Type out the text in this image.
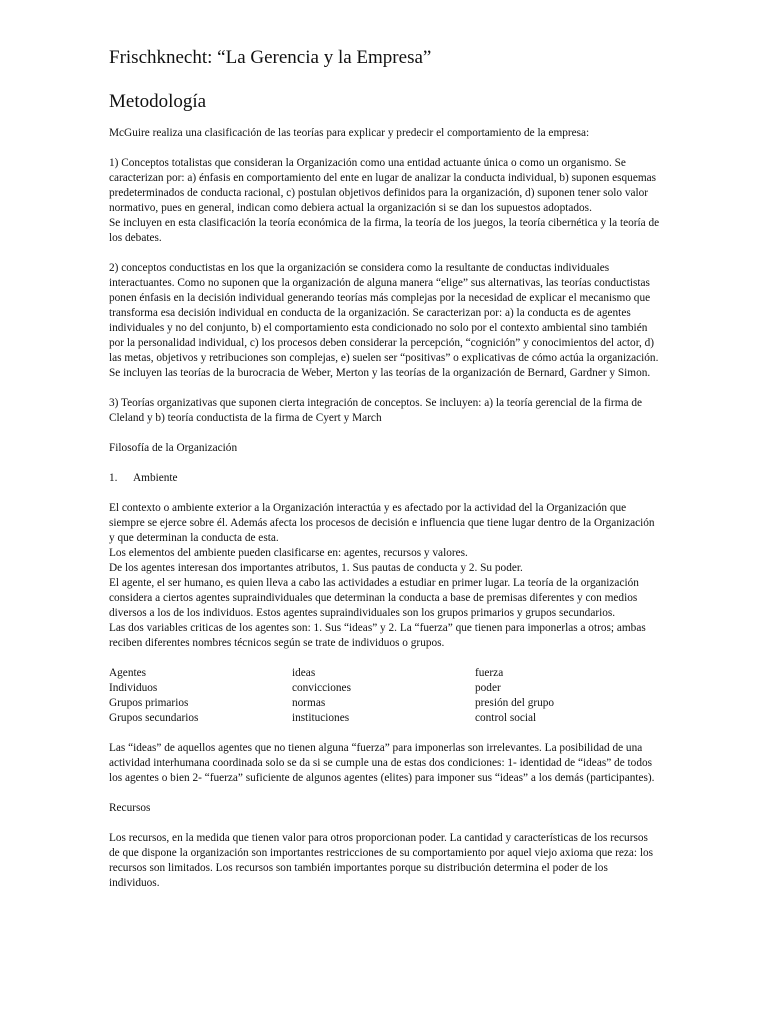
Frischknecht: “La Gerencia y la Empresa”
Metodología

McGuire realiza una clasificación de las teorías para explicar y predecir el comportamiento de la empresa:

1) Conceptos totalistas que consideran la Organización como una entidad actuante única o como un organismo. Se caracterizan por: a) énfasis en comportamiento del ente en lugar de analizar la conducta individual, b) suponen esquemas predeterminados de conducta racional, c) postulan objetivos definidos para la organización, d) suponen tener solo valor normativo, pues en general, indican como debiera actual la organización si se dan los supuestos adoptados.
Se incluyen en esta clasificación la teoría económica de la firma, la teoría de los juegos, la teoría cibernética y la teoría de los debates.

2) conceptos conductistas en los que la organización se considera como la resultante de conductas individuales interactuantes. Como no suponen que la organización de alguna manera “elige” sus alternativas, las teorías conductistas ponen énfasis en la decisión individual generando teorías más complejas por la necesidad de explicar el mecanismo que transforma esa decisión individual en conducta de la organización. Se caracterizan por: a) la conducta es de agentes individuales y no del conjunto, b) el comportamiento esta condicionado no solo por el contexto ambiental sino también por la personalidad individual, c) los procesos deben considerar la percepción, “cognición” y conocimientos del actor, d) las metas, objetivos y retribuciones son complejas, e) suelen ser “positivas” o explicativas de cómo actúa la organización. Se incluyen las teorías de la burocracia de Weber, Merton y las teorías de la organización de Bernard, Gardner y Simon.

3) Teorías organizativas que suponen cierta integración de conceptos. Se incluyen: a) la teoría gerencial de la firma de Cleland y b) teoría conductista de la firma de Cyert y March

Filosofía de la Organización

1. Ambiente
El contexto o ambiente exterior a la Organización interactúa y es afectado por la actividad del la Organización que siempre se ejerce sobre él. Además afecta los procesos de decisión e influencia que tiene lugar dentro de la Organización y que determinan la conducta de esta.
Los elementos del ambiente pueden clasificarse en: agentes, recursos y valores.
De los agentes interesan dos importantes atributos, 1. Sus pautas de conducta y 2. Su poder.
El agente, el ser humano, es quien lleva a cabo las actividades a estudiar en primer lugar. La teoría de la organización considera a ciertos agentes supraindividuales que determinan la conducta a base de premisas diferentes y con medios diversos a los de los individuos. Estos agentes supraindividuales son los grupos primarios y grupos secundarios.
Las dos variables criticas de los agentes son: 1. Sus “ideas” y 2. La “fuerza” que tienen para imponerlas a otros; ambas reciben diferentes nombres técnicos según se trate de individuos o grupos.
Agentes	ideas	fuerza
Individuos	convicciones	poder
Grupos primarios	normas	presión del grupo
Grupos secundarios	instituciones	control social

Las “ideas” de aquellos agentes que no tienen alguna “fuerza” para imponerlas son irrelevantes. La posibilidad de una actividad interhumana coordinada solo se da si se cumple una de estas dos condiciones: 1- identidad de “ideas” de todos los agentes o bien 2- “fuerza” suficiente de algunos agentes (elites) para imponer sus “ideas” a los demás (participantes).

Recursos

Los recursos, en la medida que tienen valor para otros proporcionan poder. La cantidad y características de los recursos de que dispone la organización son importantes restricciones de su comportamiento por aquel viejo axioma que reza: los recursos son limitados. Los recursos son también importantes porque su distribución determina el poder de los individuos.
